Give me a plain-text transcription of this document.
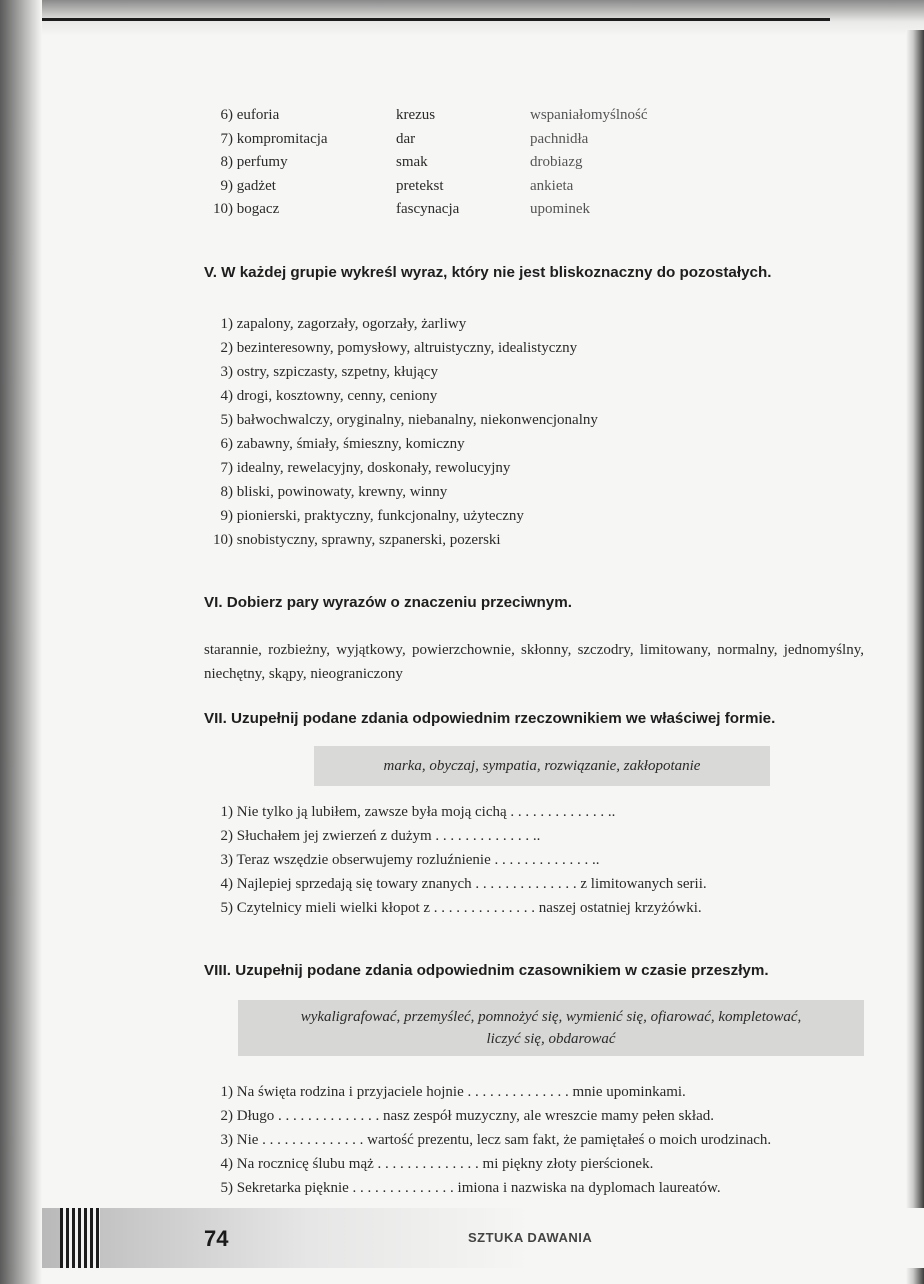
6) euforia
7) kompromitacja
8) perfumy
9) gadżet
10) bogacz
krezus
dar
smak
pretekst
fascynacja
wspaniałomyślność
pachnidła
drobiazg
ankieta
upominek
V. W każdej grupie wykreśl wyraz, który nie jest bliskoznaczny do pozostałych.
1) zapalony, zagorzały, ogorzały, żarliwy
2) bezinteresowny, pomysłowy, altruistyczny, idealistyczny
3) ostry, szpiczasty, szpetny, kłujący
4) drogi, kosztowny, cenny, ceniony
5) bałwochwalczy, oryginalny, niebanalny, niekonwencjonalny
6) zabawny, śmiały, śmieszny, komiczny
7) idealny, rewelacyjny, doskonały, rewolucyjny
8) bliski, powinowaty, krewny, winny
9) pionierski, praktyczny, funkcjonalny, użyteczny
10) snobistyczny, sprawny, szpanerski, pozerski
VI. Dobierz pary wyrazów o znaczeniu przeciwnym.
starannie, rozbieżny, wyjątkowy, powierzchownie, skłonny, szczodry, limitowany, normalny, jednomyślny, niechętny, skąpy, nieograniczony
VII. Uzupełnij podane zdania odpowiednim rzeczownikiem we właściwej formie.
marka, obyczaj, sympatia, rozwiązanie, zakłopotanie
1) Nie tylko ją lubiłem, zawsze była moją cichą . . . . . . . . . . . . . ..
2) Słuchałem jej zwierzeń z dużym . . . . . . . . . . . . . ..
3) Teraz wszędzie obserwujemy rozluźnienie . . . . . . . . . . . . . ..
4) Najlepiej sprzedają się towary znanych . . . . . . . . . . . . . . z limitowanych serii.
5) Czytelnicy mieli wielki kłopot z . . . . . . . . . . . . . . naszej ostatniej krzyżówki.
VIII. Uzupełnij podane zdania odpowiednim czasownikiem w czasie przeszłym.
wykaligrafować, przemyśleć, pomnożyć się, wymienić się, ofiarować, kompletować,
liczyć się, obdarować
1) Na święta rodzina i przyjaciele hojnie . . . . . . . . . . . . . . mnie upominkami.
2) Długo . . . . . . . . . . . . . . nasz zespół muzyczny, ale wreszcie mamy pełen skład.
3) Nie . . . . . . . . . . . . . . wartość prezentu, lecz sam fakt, że pamiętałeś o moich urodzinach.
4) Na rocznicę ślubu mąż . . . . . . . . . . . . . . mi piękny złoty pierścionek.
5) Sekretarka pięknie . . . . . . . . . . . . . . imiona i nazwiska na dyplomach laureatów.
74	SZTUKA DAWANIA
